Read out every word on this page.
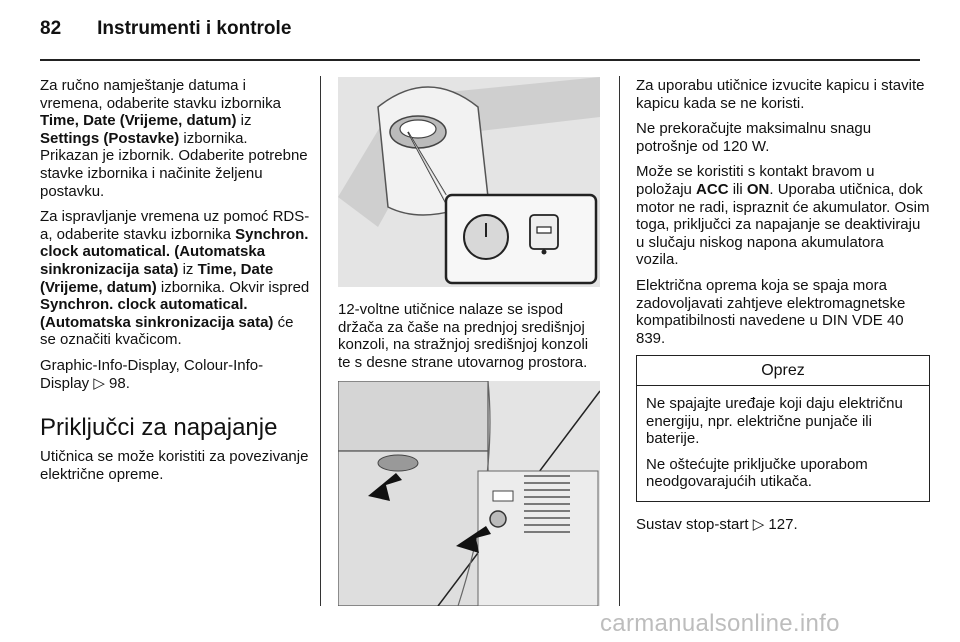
82 Instrumenti i kontrole

Za ručno namještanje datuma i vremena, odaberite stavku izbornika Time, Date (Vrijeme, datum) iz Settings (Postavke) izbornika. Prikazan je izbornik. Odaberite potrebne stavke izbornika i načinite željenu postavku.

Za ispravljanje vremena uz pomoć RDS-a, odaberite stavku izbornika Synchron. clock automatical. (Automatska sinkronizacija sata) iz Time, Date (Vrijeme, datum) izbornika. Okvir ispred Synchron. clock automatical. (Automatska sinkronizacija sata) će se označiti kvačicom.

Graphic-Info-Display, Colour-Info-Display ▷ 98.

Priključci za napajanje

Utičnica se može koristiti za povezivanje električne opreme.

12-voltne utičnice nalaze se ispod držača za čaše na prednjoj središnjoj konzoli, na stražnjoj središnjoj konzoli te s desne strane utovarnog prostora.

Za uporabu utičnice izvucite kapicu i stavite kapicu kada se ne koristi.

Ne prekoračujte maksimalnu snagu potrošnje od 120 W.

Može se koristiti s kontakt bravom u položaju ACC ili ON. Uporaba utičnica, dok motor ne radi, ispraznit će akumulator. Osim toga, priključci za napajanje se deaktiviraju u slučaju niskog napona akumulatora vozila.

Električna oprema koja se spaja mora zadovoljavati zahtjeve elektromagnetske kompatibilnosti navedene u DIN VDE 40 839.

Oprez

Ne spajajte uređaje koji daju električnu energiju, npr. električne punjače ili baterije.

Ne oštećujte priključke uporabom neodgovarajućih utikača.

Sustav stop-start ▷ 127.

carmanualsonline.info
